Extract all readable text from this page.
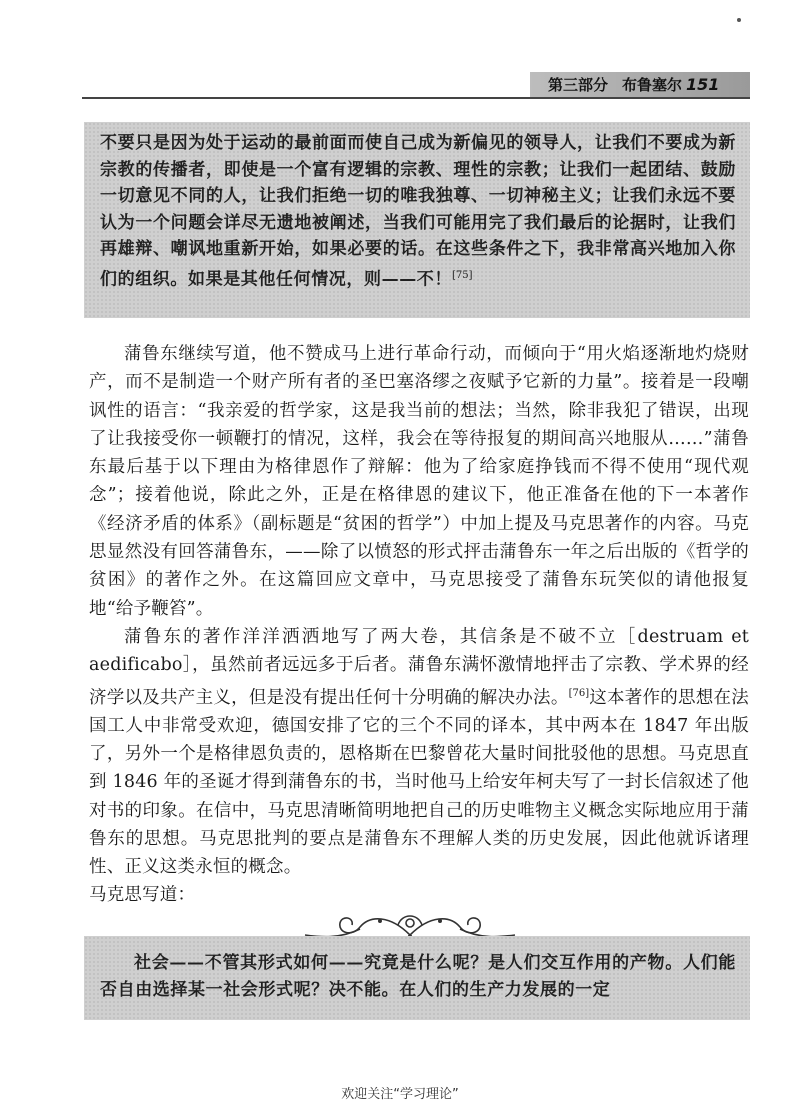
第三部分 布鲁塞尔 151

不要只是因为处于运动的最前面而使自己成为新偏见的领导人，让我们不要成为新宗教的传播者，即使是一个富有逻辑的宗教、理性的宗教；让我们一起团结、鼓励一切意见不同的人，让我们拒绝一切的唯我独尊、一切神秘主义；让我们永远不要认为一个问题会详尽无遗地被阐述，当我们可能用完了我们最后的论据时，让我们再雄辩、嘲讽地重新开始，如果必要的话。在这些条件之下，我非常高兴地加入你们的组织。如果是其他任何情况，则——不！[75]

蒲鲁东继续写道，他不赞成马上进行革命行动，而倾向于“用火焰逐渐地灼烧财产，而不是制造一个财产所有者的圣巴塞洛缪之夜赋予它新的力量”。接着是一段嘲讽性的语言：“我亲爱的哲学家，这是我当前的想法；当然，除非我犯了错误，出现了让我接受你一顿鞭打的情况，这样，我会在等待报复的期间高兴地服从……”蒲鲁东最后基于以下理由为格律恩作了辩解：他为了给家庭挣钱而不得不使用“现代观念”；接着他说，除此之外，正是在格律恩的建议下，他正准备在他的下一本著作《经济矛盾的体系》（副标题是“贫困的哲学”）中加上提及马克思著作的内容。马克思显然没有回答蒲鲁东，——除了以愤怒的形式抨击蒲鲁东一年之后出版的《哲学的贫困》的著作之外。在这篇回应文章中，马克思接受了蒲鲁东玩笑似的请他报复地“给予鞭笞”。

蒲鲁东的著作洋洋洒洒地写了两大卷，其信条是不破不立［destruam et aedificabo］，虽然前者远远多于后者。蒲鲁东满怀激情地抨击了宗教、学术界的经济学以及共产主义，但是没有提出任何十分明确的解决办法。[76]这本著作的思想在法国工人中非常受欢迎，德国安排了它的三个不同的译本，其中两本在 1847 年出版了，另外一个是格律恩负责的，恩格斯在巴黎曾花大量时间批驳他的思想。马克思直到 1846 年的圣诞才得到蒲鲁东的书，当时他马上给安年柯夫写了一封长信叙述了他对书的印象。在信中，马克思清晰简明地把自己的历史唯物主义概念实际地应用于蒲鲁东的思想。马克思批判的要点是蒲鲁东不理解人类的历史发展，因此他就诉诸理性、正义这类永恒的概念。

马克思写道：

社会——不管其形式如何——究竟是什么呢？是人们交互作用的产物。人们能否自由选择某一社会形式呢？决不能。在人们的生产力发展的一定

欢迎关注“学习理论”
